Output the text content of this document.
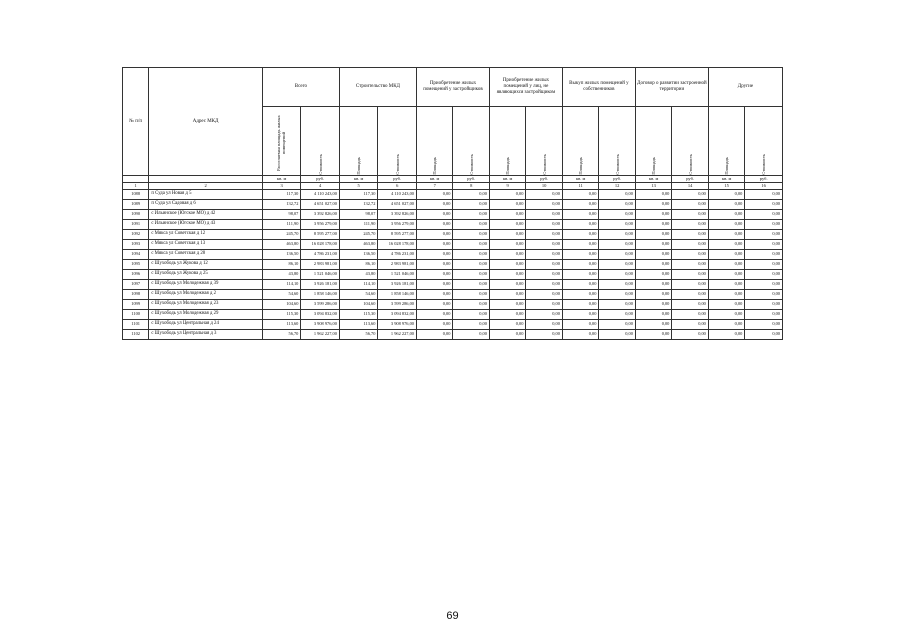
№ п/п	Адрес МКД	Всего		Строительство МКД		Приобретение жилых помещений у застройщиков		Приобретение жилых помещений у лиц, не являющихся застройщиком		Выкуп жилых помещений у собственников		Договор о развитии застроенной территории		Другие	

		Расселяемая площадь жилых помещений	Стоимость	Площадь	Стоимость	Площадь	Стоимость	Площадь	Стоимость	Площадь	Стоимость	Площадь	Стоимость	Площадь	Стоимость

		кв. м	руб.	кв. м	руб.	кв. м	руб.	кв. м	руб.	кв. м	руб.	кв. м	руб.	кв. м	руб.
1	2	3	4	5	6	7	8	9	10	11	12	13	14	15	16
1088	п Суда ул Новая д 5	117,30	4 110 243,00	117,30	4 110 243,00	0,00	0,00	0,00	0,00	0,00	0,00	0,00	0,00	0,00	0,00
1089	п Суда ул Садовая д 6	132,72	4 651 027,00	132,72	4 651 027,00	0,00	0,00	0,00	0,00	0,00	0,00	0,00	0,00	0,00	0,00
1090	с Ильинское (Югское МО) д 42	98,07	3 392 826,00	98,07	3 392 826,00	0,00	0,00	0,00	0,00	0,00	0,00	0,00	0,00	0,00	0,00
1091	с Ильинское (Югское МО) д 43	111,90	3 956 279,00	111,90	3 956 279,00	0,00	0,00	0,00	0,00	0,00	0,00	0,00	0,00	0,00	0,00
1092	с Мякса ул Советская д 12	245,70	8 595 277,00	245,70	8 595 277,00	0,00	0,00	0,00	0,00	0,00	0,00	0,00	0,00	0,00	0,00
1093	с Мякса ул Советская д 13	463,80	16 028 178,00	463,80	16 028 178,00	0,00	0,00	0,00	0,00	0,00	0,00	0,00	0,00	0,00	0,00
1094	с Мякса ул Советская д 28	136,50	4 786 231,00	136,50	4 786 231,00	0,00	0,00	0,00	0,00	0,00	0,00	0,00	0,00	0,00	0,00
1095	с Шухободь ул Жукова д 12	86,10	2 983 981,00	86,10	2 983 981,00	0,00	0,00	0,00	0,00	0,00	0,00	0,00	0,00	0,00	0,00
1096	с Шухободь ул Жукова д 25	43,80	1 521 046,00	43,80	1 521 046,00	0,00	0,00	0,00	0,00	0,00	0,00	0,00	0,00	0,00	0,00
1097	с Шухободь ул Молодежная д 39	114,10	3 926 181,00	114,10	3 926 181,00	0,00	0,00	0,00	0,00	0,00	0,00	0,00	0,00	0,00	0,00
1098	с Шухободь ул Молодежная д 2	54,60	1 858 146,00	54,60	1 858 146,00	0,00	0,00	0,00	0,00	0,00	0,00	0,00	0,00	0,00	0,00
1099	с Шухободь ул Молодежная д 23	104,60	3 599 286,00	104,60	3 599 286,00	0,00	0,00	0,00	0,00	0,00	0,00	0,00	0,00	0,00	0,00
1100	с Шухободь ул Молодежная д 29	115,30	3 094 832,00	115,30	3 094 832,00	0,00	0,00	0,00	0,00	0,00	0,00	0,00	0,00	0,00	0,00
1101	с Шухободь ул Центральная д 24	113,60	3 908 976,00	113,60	3 908 976,00	0,00	0,00	0,00	0,00	0,00	0,00	0,00	0,00	0,00	0,00
1102	с Шухободь ул Центральная д 3	56,70	1 962 227,00	56,70	1 962 227,00	0,00	0,00	0,00	0,00	0,00	0,00	0,00	0,00	0,00	0,00
69
